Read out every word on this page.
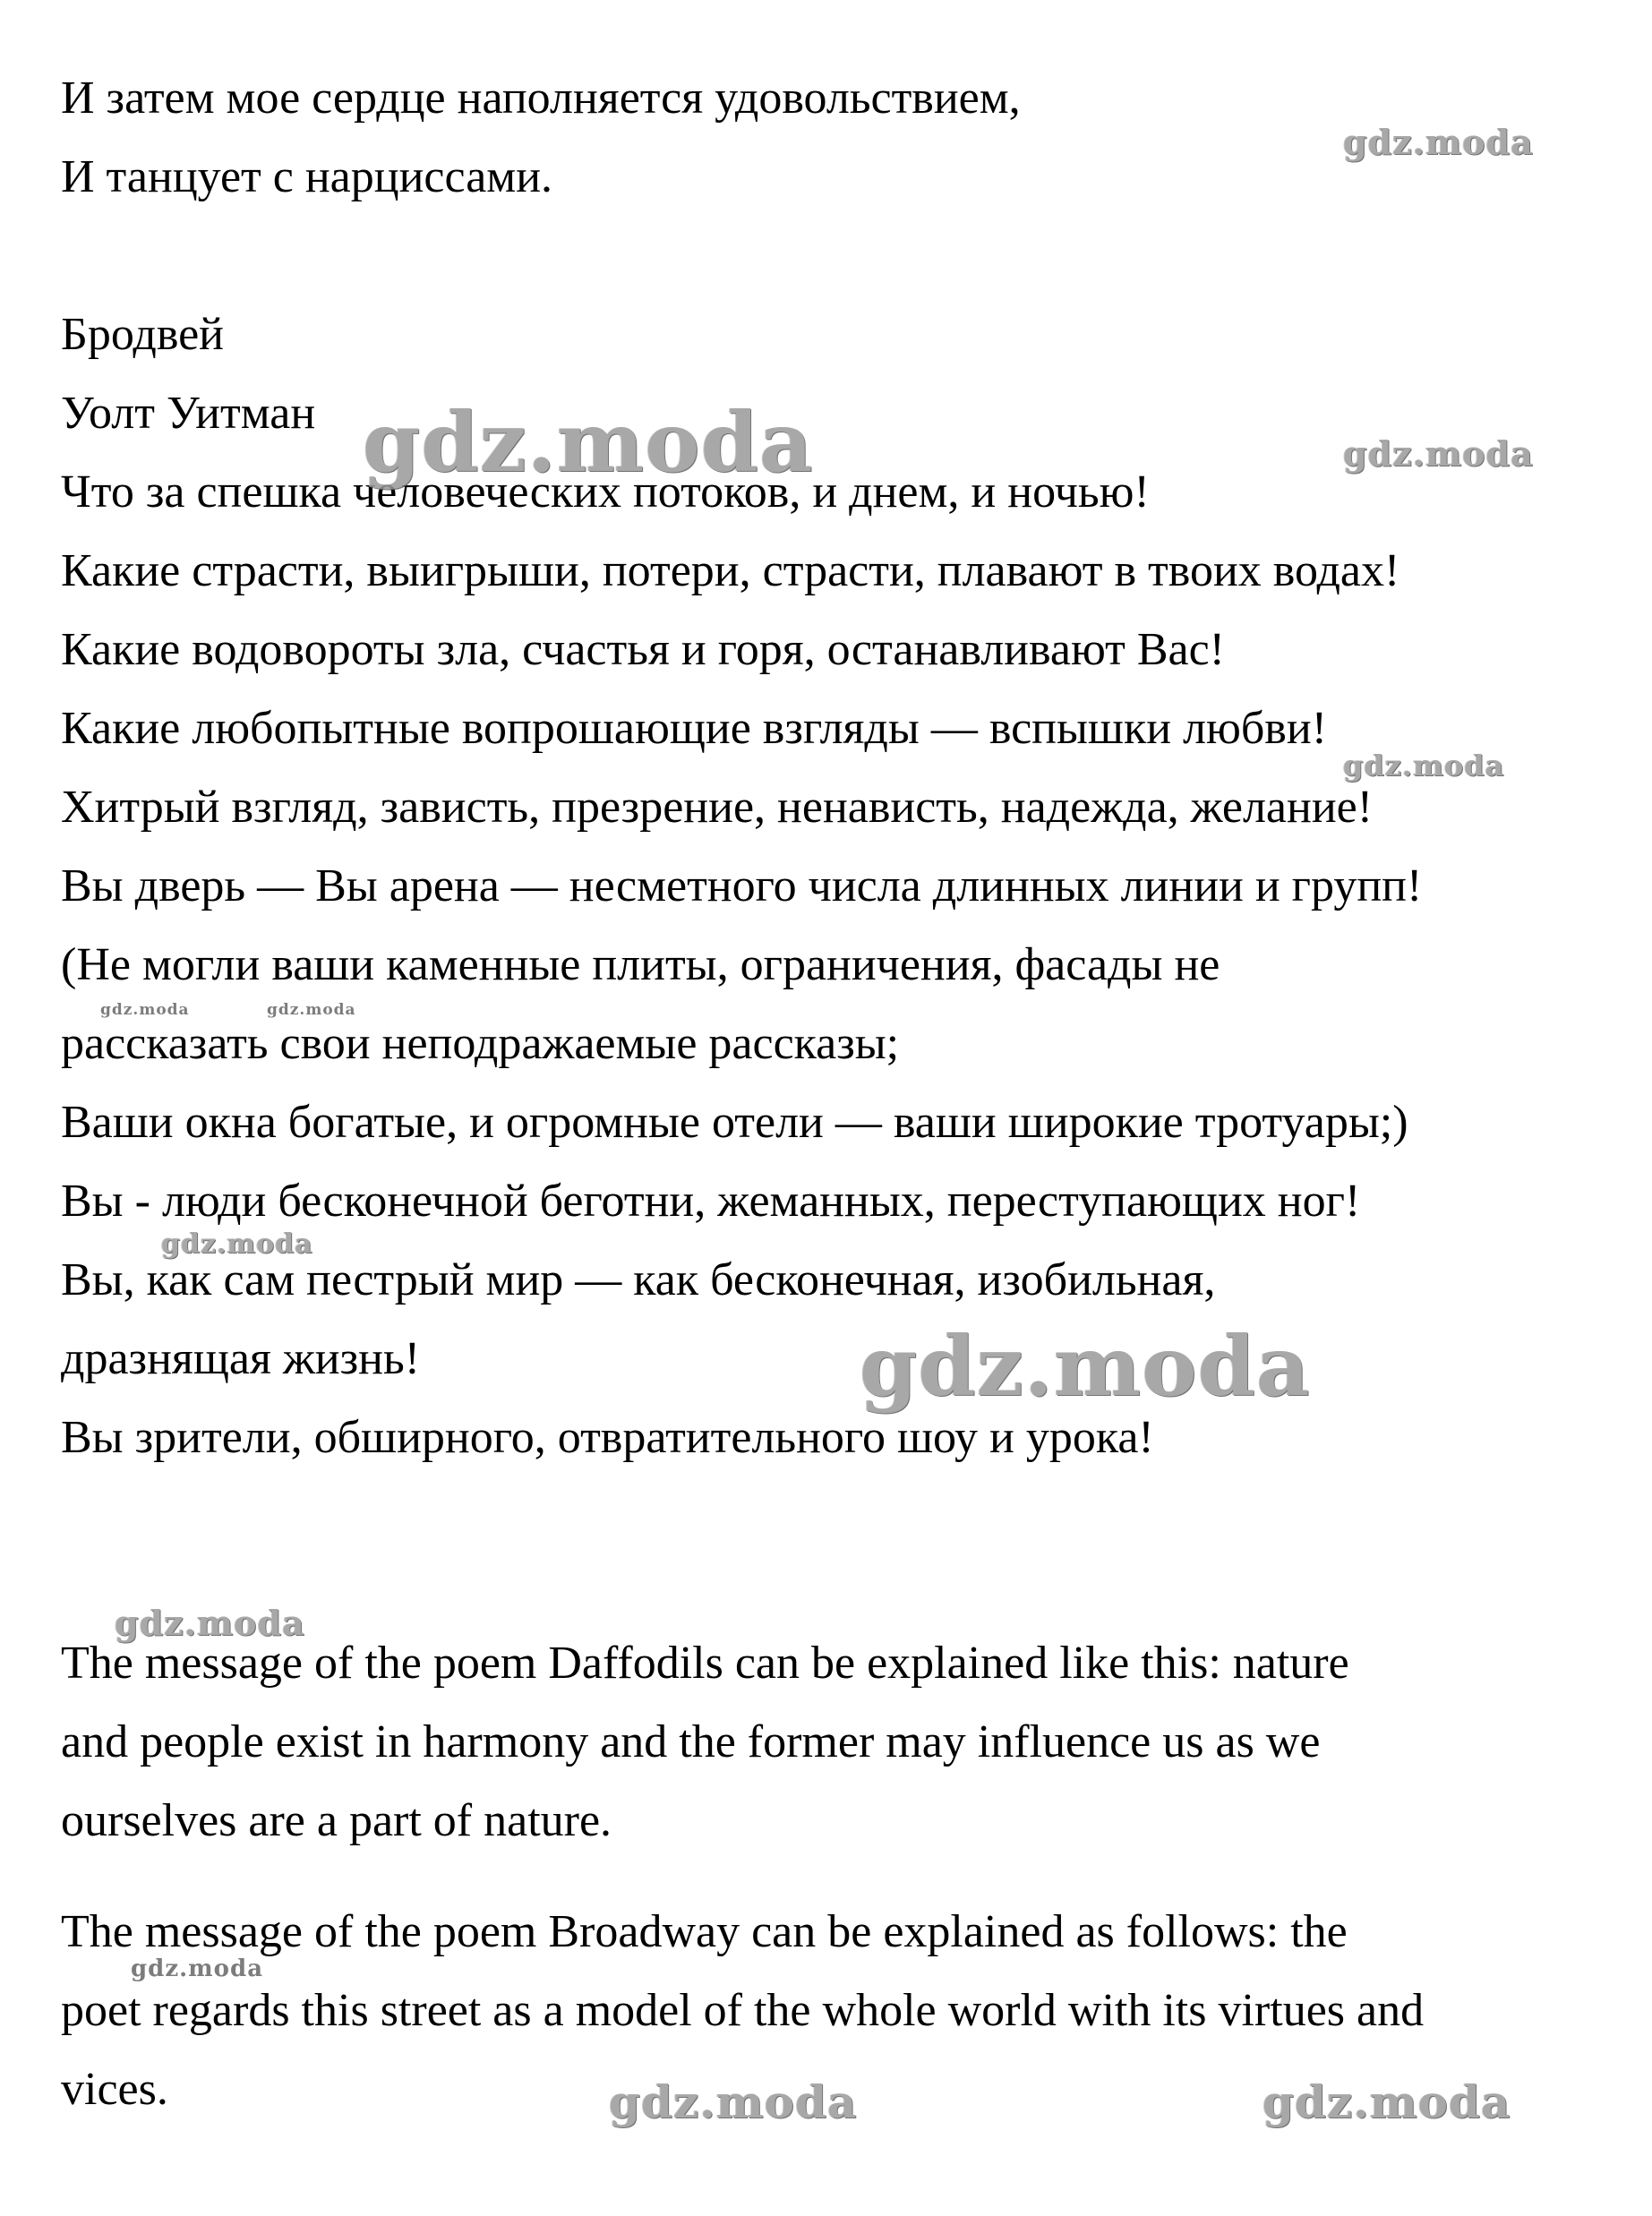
И затем мое сердце наполняется удовольствием,

И танцует с нарциссами.

Бродвей

Уолт Уитман

Что за спешка человеческих потоков, и днем, и ночью!

Какие страсти, выигрыши, потери, страсти, плавают в твоих водах!

Какие водовороты зла, счастья и горя, останавливают Вас!

Какие любопытные вопрошающие взгляды — вспышки любви!

Хитрый взгляд, зависть, презрение, ненависть, надежда, желание!

Вы дверь — Вы арена — несметного числа длинных линии и групп!

(Не могли ваши каменные плиты, ограничения, фасады не

рассказать свои неподражаемые рассказы;

Ваши окна богатые, и огромные отели — ваши широкие тротуары;)

Вы - люди бесконечной беготни, жеманных, переступающих ног!

Вы, как сам пестрый мир — как бесконечная, изобильная,

дразнящая жизнь!

Вы зрители, обширного, отвратительного шоу и урока!

The message of the poem Daffodils can be explained like this: nature

and people exist in harmony and the former may influence us as we

ourselves are a part of nature.

The message of the poem Broadway can be explained as follows: the

poet regards this street as a model of the whole world with its virtues and

vices.

gdz.moda
gdz.moda	gdz.moda
gdz.moda
gdz.moda	gdz.moda
gdz.moda
gdz.moda
gdz.moda
gdz.moda
gdz.moda	gdz.moda
